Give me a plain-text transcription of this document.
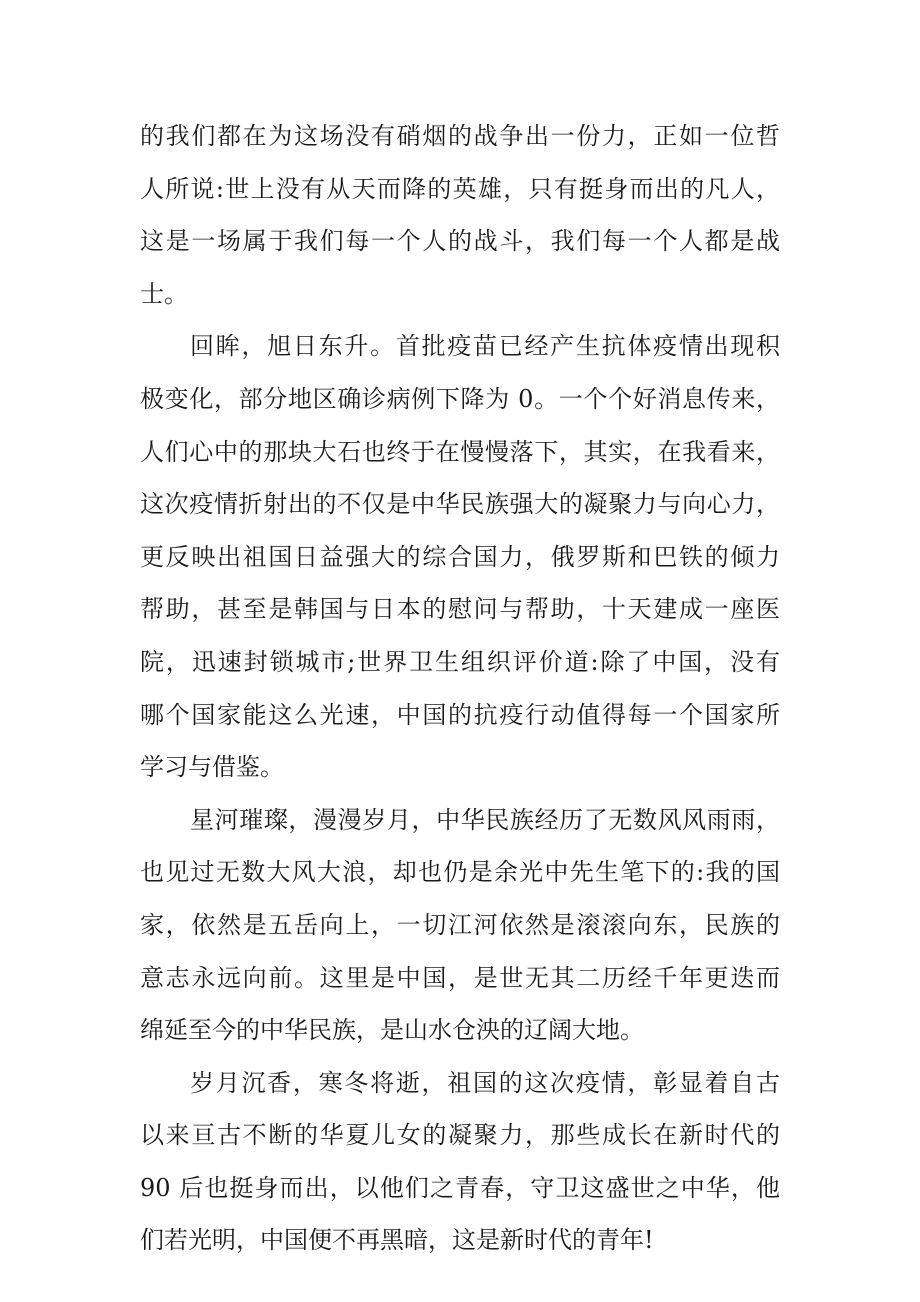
的我们都在为这场没有硝烟的战争出一份力，正如一位哲
人所说:世上没有从天而降的英雄，只有挺身而出的凡人，
这是一场属于我们每一个人的战斗，我们每一个人都是战
士。
回眸，旭日东升。首批疫苗已经产生抗体疫情出现积
极变化，部分地区确诊病例下降为 0。一个个好消息传来，
人们心中的那块大石也终于在慢慢落下，其实，在我看来，
这次疫情折射出的不仅是中华民族强大的凝聚力与向心力，
更反映出祖国日益强大的综合国力，俄罗斯和巴铁的倾力
帮助，甚至是韩国与日本的慰问与帮助，十天建成一座医
院，迅速封锁城市;世界卫生组织评价道:除了中国，没有
哪个国家能这么光速，中国的抗疫行动值得每一个国家所
学习与借鉴。
星河璀璨，漫漫岁月，中华民族经历了无数风风雨雨，
也见过无数大风大浪，却也仍是余光中先生笔下的:我的国
家，依然是五岳向上，一切江河依然是滚滚向东，民族的
意志永远向前。这里是中国，是世无其二历经千年更迭而
绵延至今的中华民族，是山水仓泱的辽阔大地。
岁月沉香，寒冬将逝，祖国的这次疫情，彰显着自古
以来亘古不断的华夏儿女的凝聚力，那些成长在新时代的
90 后也挺身而出，以他们之青春，守卫这盛世之中华，他
们若光明，中国便不再黑暗，这是新时代的青年!
